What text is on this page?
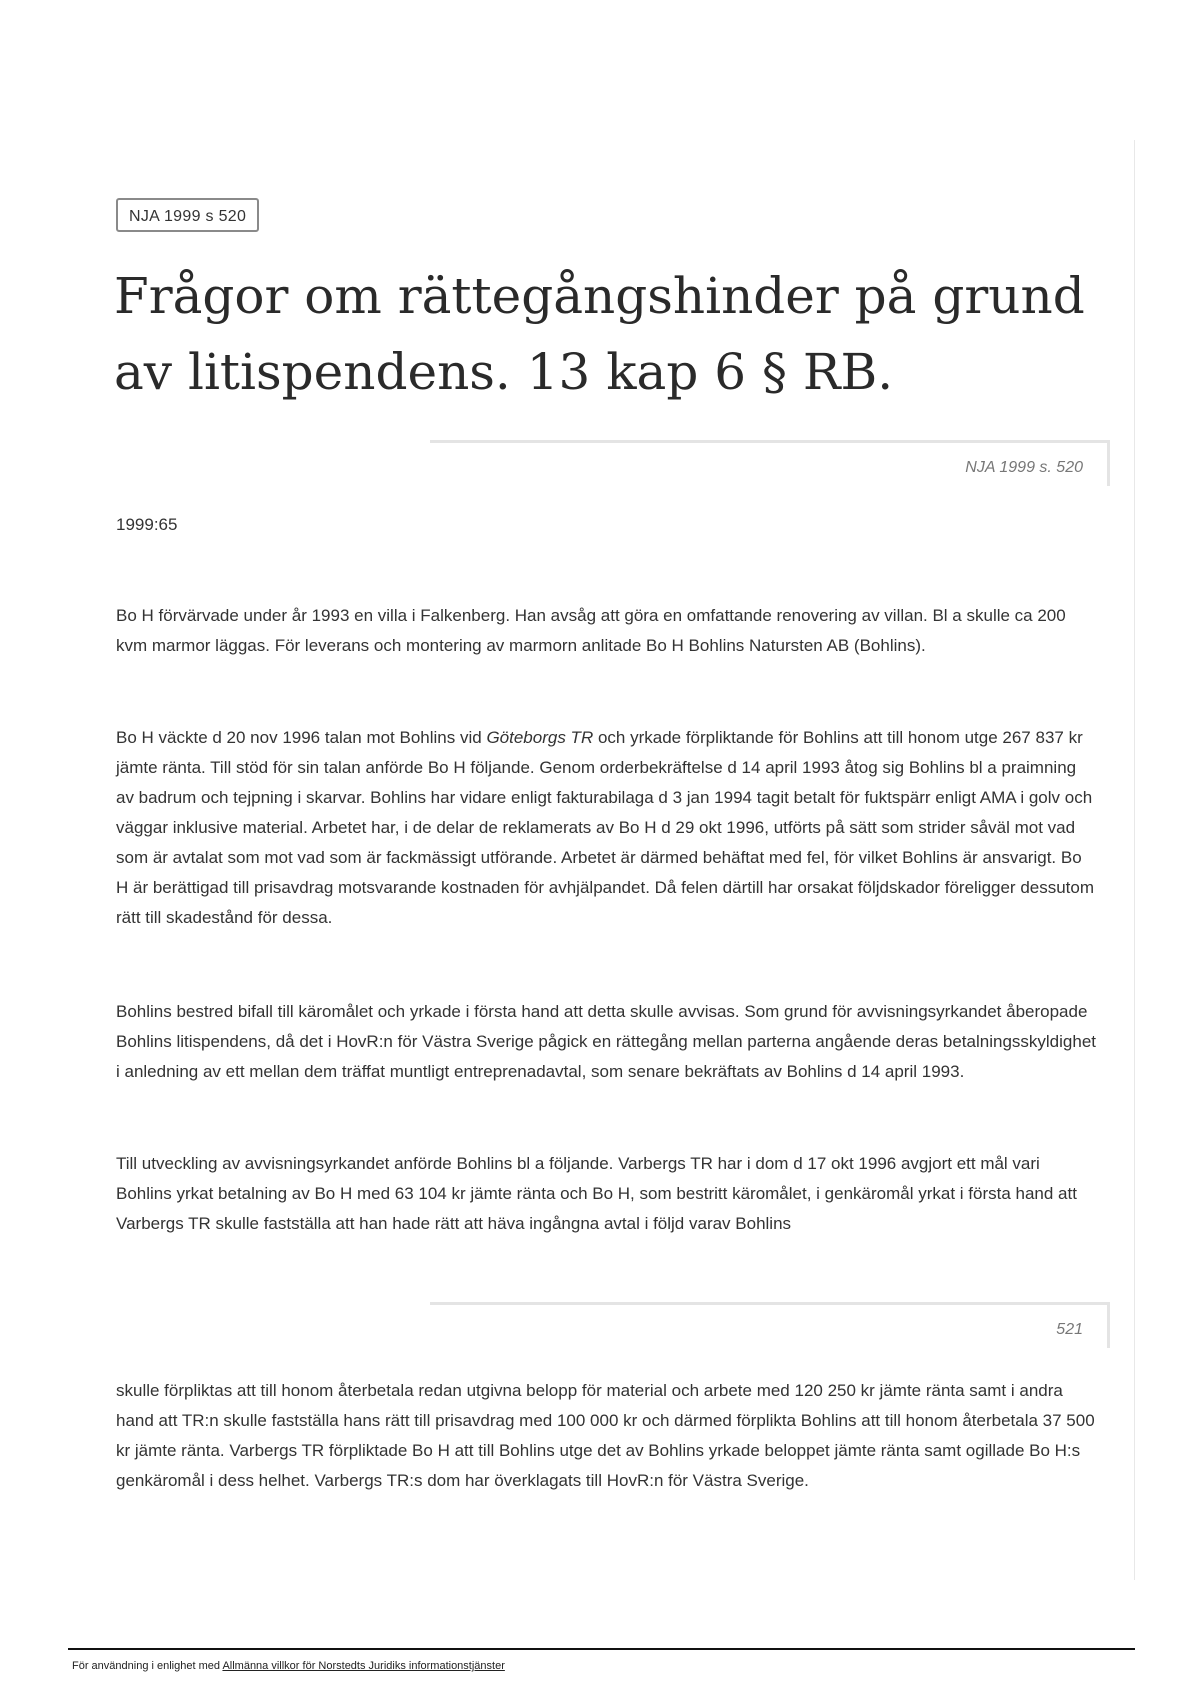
NJA 1999 s 520
Frågor om rättegångshinder på grund av litispendens. 13 kap 6 § RB.
NJA 1999 s. 520
1999:65

Bo H förvärvade under år 1993 en villa i Falkenberg. Han avsåg att göra en omfattande renovering av villan. Bl a skulle ca 200 kvm marmor läggas. För leverans och montering av marmorn anlitade Bo H Bohlins Natursten AB (Bohlins).

Bo H väckte d 20 nov 1996 talan mot Bohlins vid Göteborgs TR och yrkade förpliktande för Bohlins att till honom utge 267 837 kr jämte ränta. Till stöd för sin talan anförde Bo H följande. Genom orderbekräftelse d 14 april 1993 åtog sig Bohlins bl a praimning av badrum och tejpning i skarvar. Bohlins har vidare enligt fakturabilaga d 3 jan 1994 tagit betalt för fuktspärr enligt AMA i golv och väggar inklusive material. Arbetet har, i de delar de reklamerats av Bo H d 29 okt 1996, utförts på sätt som strider såväl mot vad som är avtalat som mot vad som är fackmässigt utförande. Arbetet är därmed behäftat med fel, för vilket Bohlins är ansvarigt. Bo H är berättigad till prisavdrag motsvarande kostnaden för avhjälpandet. Då felen därtill har orsakat följdskador föreligger dessutom rätt till skadestånd för dessa.

Bohlins bestred bifall till käromålet och yrkade i första hand att detta skulle avvisas. Som grund för avvisningsyrkandet åberopade Bohlins litispendens, då det i HovR:n för Västra Sverige pågick en rättegång mellan parterna angående deras betalningsskyldighet i anledning av ett mellan dem träffat muntligt entreprenadavtal, som senare bekräftats av Bohlins d 14 april 1993.

Till utveckling av avvisningsyrkandet anförde Bohlins bl a följande. Varbergs TR har i dom d 17 okt 1996 avgjort ett mål vari Bohlins yrkat betalning av Bo H med 63 104 kr jämte ränta och Bo H, som bestritt käromålet, i genkäromål yrkat i första hand att Varbergs TR skulle fastställa att han hade rätt att häva ingångna avtal i följd varav Bohlins

521

skulle förpliktas att till honom återbetala redan utgivna belopp för material och arbete med 120 250 kr jämte ränta samt i andra hand att TR:n skulle fastställa hans rätt till prisavdrag med 100 000 kr och därmed förplikta Bohlins att till honom återbetala 37 500 kr jämte ränta. Varbergs TR förpliktade Bo H att till Bohlins utge det av Bohlins yrkade beloppet jämte ränta samt ogillade Bo H:s genkäromål i dess helhet. Varbergs TR:s dom har överklagats till HovR:n för Västra Sverige.

För användning i enlighet med Allmänna villkor för Norstedts Juridiks informationstjänster
